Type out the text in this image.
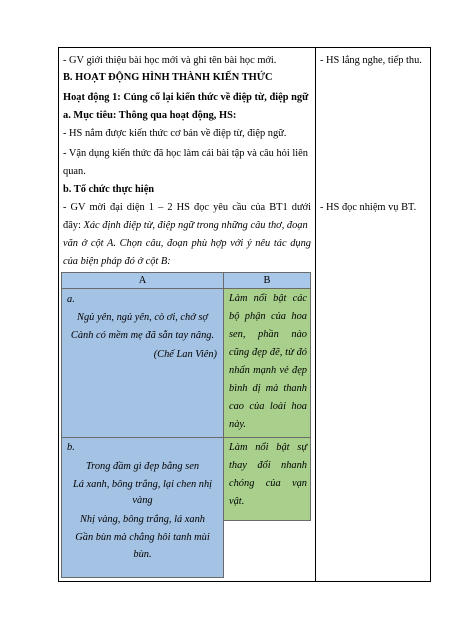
- GV giới thiệu bài học mới và ghi tên bài học mới.
B. HOẠT ĐỘNG HÌNH THÀNH KIẾN THỨC
Hoạt động 1: Củng cố lại kiến thức về điệp từ, điệp ngữ
a. Mục tiêu: Thông qua hoạt động, HS:
- HS nắm được kiến thức cơ bản về điệp từ, điệp ngữ.
- Vận dụng kiến thức đã học làm cái bài tập và câu hỏi liên
quan.
b. Tổ chức thực hiện
- GV mời đại diện 1 – 2 HS đọc yêu cầu của BT1 dưới
đây: Xác định điệp từ, điệp ngữ trong những câu thơ, đoạn
văn ở cột A. Chọn câu, đoạn phù hợp với ý nêu tác dụng
của biện pháp đó ở cột B:
- HS lắng nghe, tiếp thu.
- HS đọc nhiệm vụ BT.
A	B
a.
Ngủ yên, ngủ yên, cò ơi, chớ sợ
Cành có mềm mẹ đã sẵn tay nâng.
(Chế Lan Viên)
Làm nổi bật các
bộ phận của hoa
sen, phần nào
cũng đẹp đẽ, từ đó
nhấn mạnh vẻ đẹp
bình dị mà thanh
cao của loài hoa
này.
b.
Trong đầm gì đẹp bằng sen
Lá xanh, bông trắng, lại chen nhị
vàng
Nhị vàng, bông trắng, lá xanh
Gần bùn mà chẳng hôi tanh mùi
bùn.
Làm nổi bật sự
thay đổi nhanh
chóng của vạn
vật.
